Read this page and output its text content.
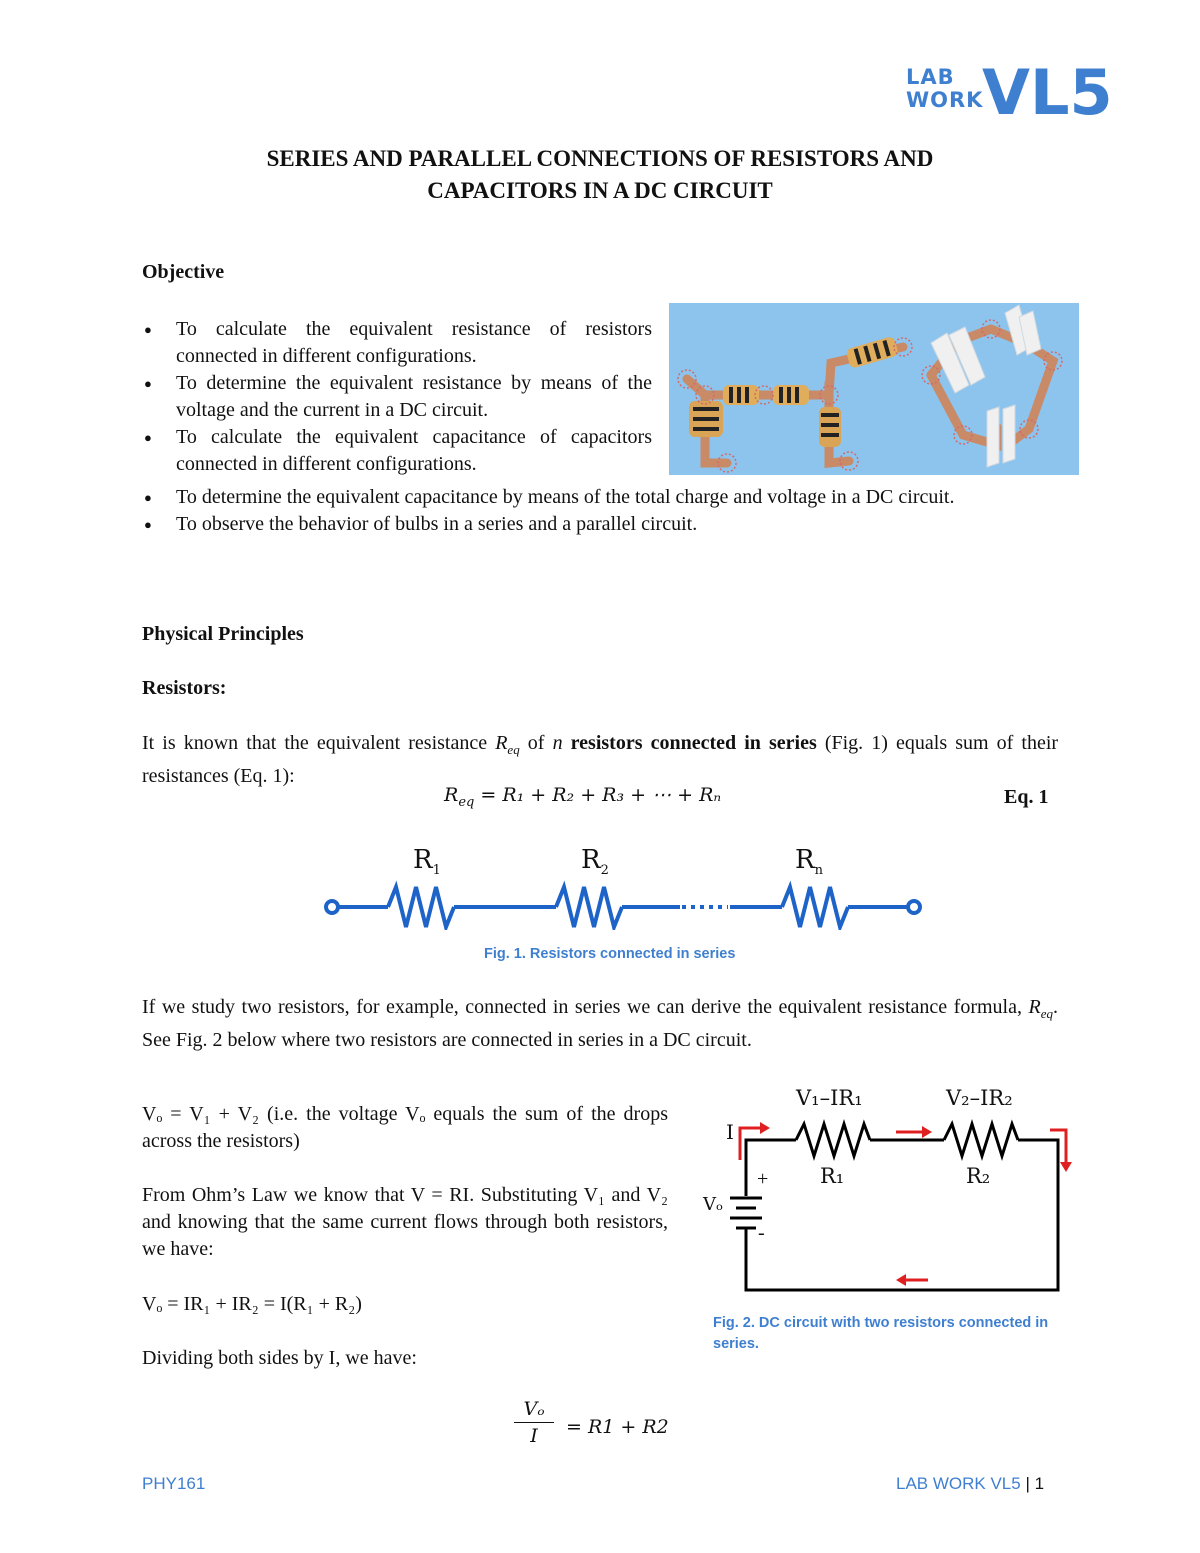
LAB
WORK
VL5
SERIES AND PARALLEL CONNECTIONS OF RESISTORS AND
CAPACITORS IN A DC CIRCUIT
Objective
● To calculate the equivalent resistance of resistors connected in different configurations.
● To determine the equivalent resistance by means of the voltage and the current in a DC circuit.
● To calculate the equivalent capacitance of capacitors connected in different configurations.
● To determine the equivalent capacitance by means of the total charge and voltage in a DC circuit.
● To observe the behavior of bulbs in a series and a parallel circuit.
Physical Principles
Resistors:
It is known that the equivalent resistance $R_{eq}$ of n resistors connected in series (Fig. 1) equals sum of their resistances (Eq. 1):
$R_{eq} = R_1 + R_2 + R_3$ + ⋯ + Rₙ	Eq. 1
$R_1$	$R_2$	$R_n$
Fig. 1. Resistors connected in series
If we study two resistors, for example, connected in series we can derive the equivalent resistance formula, $R_{eq}$. See Fig. 2 below where two resistors are connected in series in a DC circuit.
Vₒ = V₁ + V₂ (i.e. the voltage Vₒ equals the sum of the drops across the resistors)
From Ohm’s Law we know that V = RI. Substituting V₁ and V₂ and knowing that the same current flows through both resistors, we have:
Vₒ = IR₁ + IR₂ = I(R₁ + R₂)
Dividing both sides by I, we have:
V₁–IR₁	V₂–IR₂
R₁	R₂
I
Vₒ
+
-
Fig. 2. DC circuit with two resistors connected in
series.
$\frac{\text{Vₒ}}{I} = R1 + R2$
PHY161	LAB WORK VL5 | 1
